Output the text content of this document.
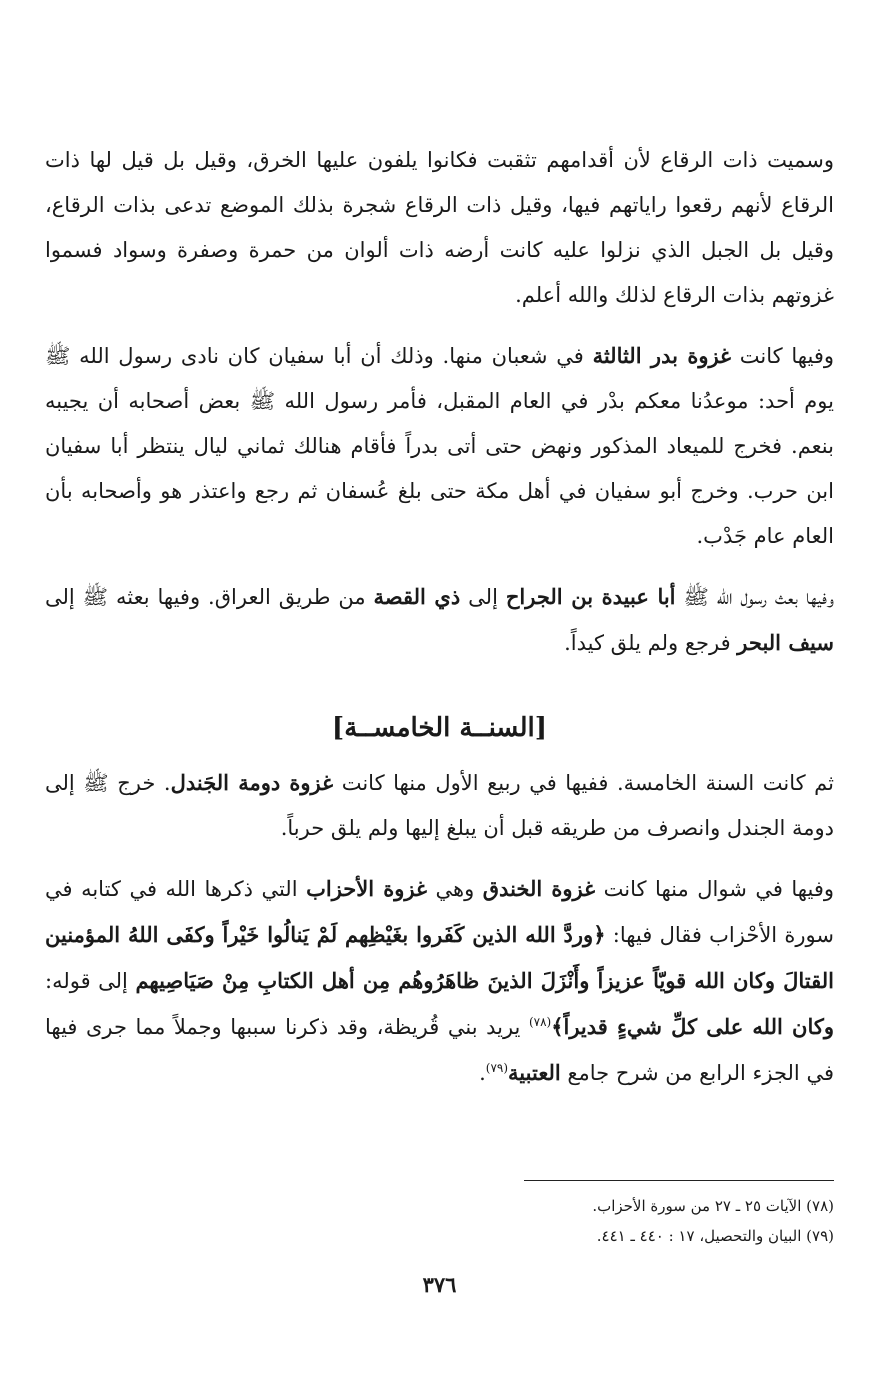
وسميت ذات الرقاع لأن أقدامهم تثقبت فكانوا يلفون عليها الخرق، وقيل بل قيل لها ذات الرقاع لأنهم رقعوا راياتهم فيها، وقيل ذات الرقاع شجرة بذلك الموضع تدعى بذات الرقاع، وقيل بل الجبل الذي نزلوا عليه كانت أرضه ذات ألوان من حمرة وصفرة وسواد فسموا غزوتهم بذات الرقاع لذلك والله أعلم.

وفيها كانت غزوة بدر الثالثة في شعبان منها. وذلك أن أبا سفيان كان نادى رسول الله ﷺ يوم أحد: موعدُنا معكم بدْر في العام المقبل، فأمر رسول الله ﷺ بعض أصحابه أن يجيبه بنعم. فخرج للميعاد المذكور ونهض حتى أتى بدراً فأقام هنالك ثماني ليال ينتظر أبا سفيان ابن حرب. وخرج أبو سفيان في أهل مكة حتى بلغ عُسفان ثم رجع واعتذر هو وأصحابه بأن العام عام جَدْب.

وفيها بعث رسول الله ﷺ أبا عبيدة بن الجراح إلى ذي القصة من طريق العراق. وفيها بعثه ﷺ إلى سيف البحر فرجع ولم يلق كيداً.

[السنــة الخامســة]

ثم كانت السنة الخامسة. ففيها في ربيع الأول منها كانت غزوة دومة الجَندل. خرج ﷺ إلى دومة الجندل وانصرف من طريقه قبل أن يبلغ إليها ولم يلق حرباً.

وفيها في شوال منها كانت غزوة الخندق وهي غزوة الأحزاب التي ذكرها الله في كتابه في سورة الأحْزاب فقال فيها: ﴿وردَّ الله الذين كَفَروا بغَيْظِهم لَمْ يَنالُوا خَيْراً وكفَى اللهُ المؤمنين القتالَ وكان الله قويّاً عزيزاً وأَنْزَلَ الذينَ ظاهَرُوهُم مِن أهل الكتابِ مِنْ صَيَاصِيهم إلى قوله: وكان الله على كلِّ شيءٍ قديراً﴾$^{(٧٨)}$ يريد بني قُريظة، وقد ذكرنا سببها وجملاً مما جرى فيها في الجزء الرابع من شرح جامع العتبية$^{(٧٩)}$.

(٧٨) الآيات ٢٥ ـ ٢٧ من سورة الأحزاب.

(٧٩) البيان والتحصيل، ١٧ : ٤٤٠ ـ ٤٤١.

٣٧٦
